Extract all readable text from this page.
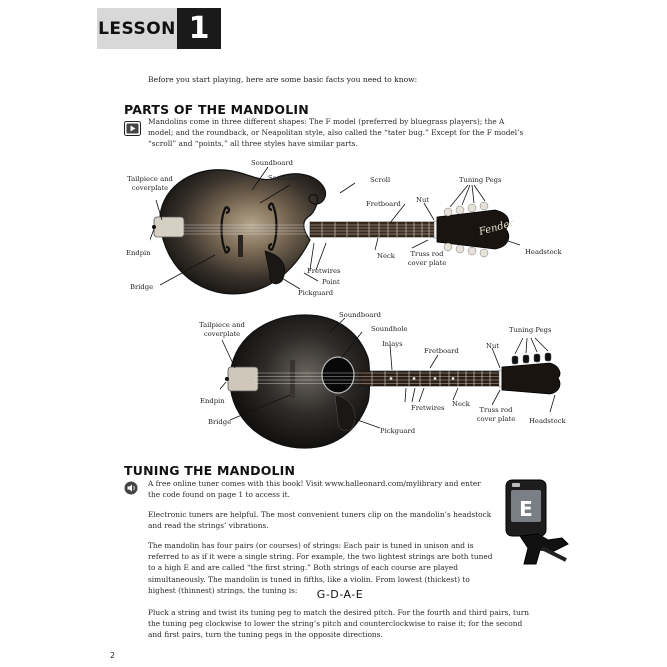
LESSON 1
Before you start playing, here are some basic facts you need to know:
PARTS OF THE MANDOLIN
Mandolins come in three different shapes: The F model (preferred by bluegrass players); the A model; and the roundback, or Neapolitan style, also called the “tater bug.” Except for the F model’s “scroll” and “points,” all three styles have similar parts.
Fender
Soundboard
Soundhole	Scroll
Tailpiece and coverplate
Tuning Pegs
Nut
Fretboard
Endpin	Headstock
Neck	Truss rod cover plate
Fretwires
Point
Bridge
Pickguard
Soundboard
Tailpiece and coverplate
Soundhole	Tuning Pegs
Inlays
Fretboard
Nut
Endpin
Fretwires Neck
Truss rod cover plate Headstock
Bridge
Pickguard
TUNING THE MANDOLIN
A free online tuner comes with this book! Visit www.halleonard.com/mylibrary and enter the code found on page 1 to access it.
Electronic tuners are helpful. The most convenient tuners clip on the mandolin’s headstock and read the strings’ vibrations.
The mandolin has four pairs (or courses) of strings: Each pair is tuned in unison and is referred to as if it were a single string. For example, the two lightest strings are both tuned to a high E and are called “the first string.” Both strings of each course are played simultaneously. The mandolin is tuned in fifths, like a violin. From lowest (thickest) to highest (thinnest) strings, the tuning is:	G-D-A-E
Pluck a string and twist its tuning peg to match the desired pitch. For the fourth and third pairs, turn the tuning peg clockwise to lower the string’s pitch and counterclockwise to raise it; for the second and first pairs, turn the tuning pegs in the opposite directions.
E
2
